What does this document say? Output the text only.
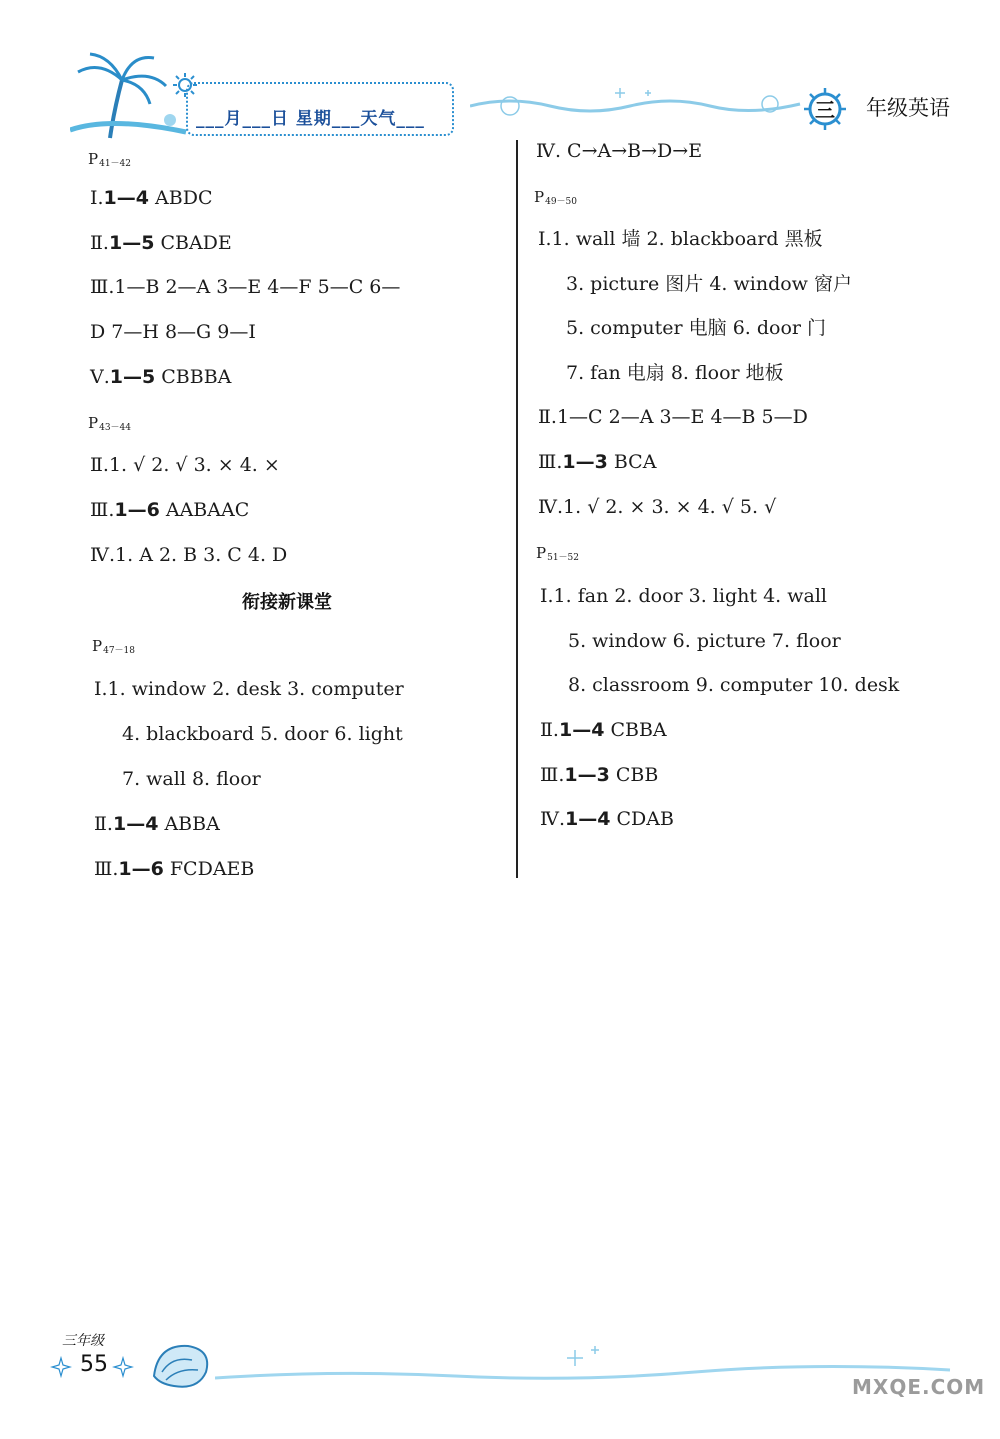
___月___日 星期___天气___	三 年级英语
$P_{41-42}$
Ⅰ.1—4 ABDC
Ⅱ.1—5 CBADE
Ⅲ.1—B 2—A 3—E 4—F 5—C 6—
D 7—H 8—G 9—I
Ⅴ.1—5 CBBBA
$P_{43-44}$
Ⅱ.1. √ 2. √ 3. × 4. ×
Ⅲ.1—6 AABAAC
Ⅳ.1. A 2. B 3. C 4. D
衔接新课堂
$P_{47-18}$
Ⅰ.1. window 2. desk 3. computer
4. blackboard 5. door 6. light
7. wall 8. floor
Ⅱ.1—4 ABBA
Ⅲ.1—6 FCDAEB
Ⅳ. C→A→B→D→E
$P_{49-50}$
Ⅰ.1. wall 墙 2. blackboard 黑板
3. picture 图片 4. window 窗户
5. computer 电脑 6. door 门
7. fan 电扇 8. floor 地板
Ⅱ.1—C 2—A 3—E 4—B 5—D
Ⅲ.1—3 BCA
Ⅳ.1. √ 2. × 3. × 4. √ 5. √
$P_{51-52}$
Ⅰ.1. fan 2. door 3. light 4. wall
5. window 6. picture 7. floor
8. classroom 9. computer 10. desk
Ⅱ.1—4 CBBA
Ⅲ.1—3 CBB
Ⅳ.1—4 CDAB
三年级
55
MXQE.COM
